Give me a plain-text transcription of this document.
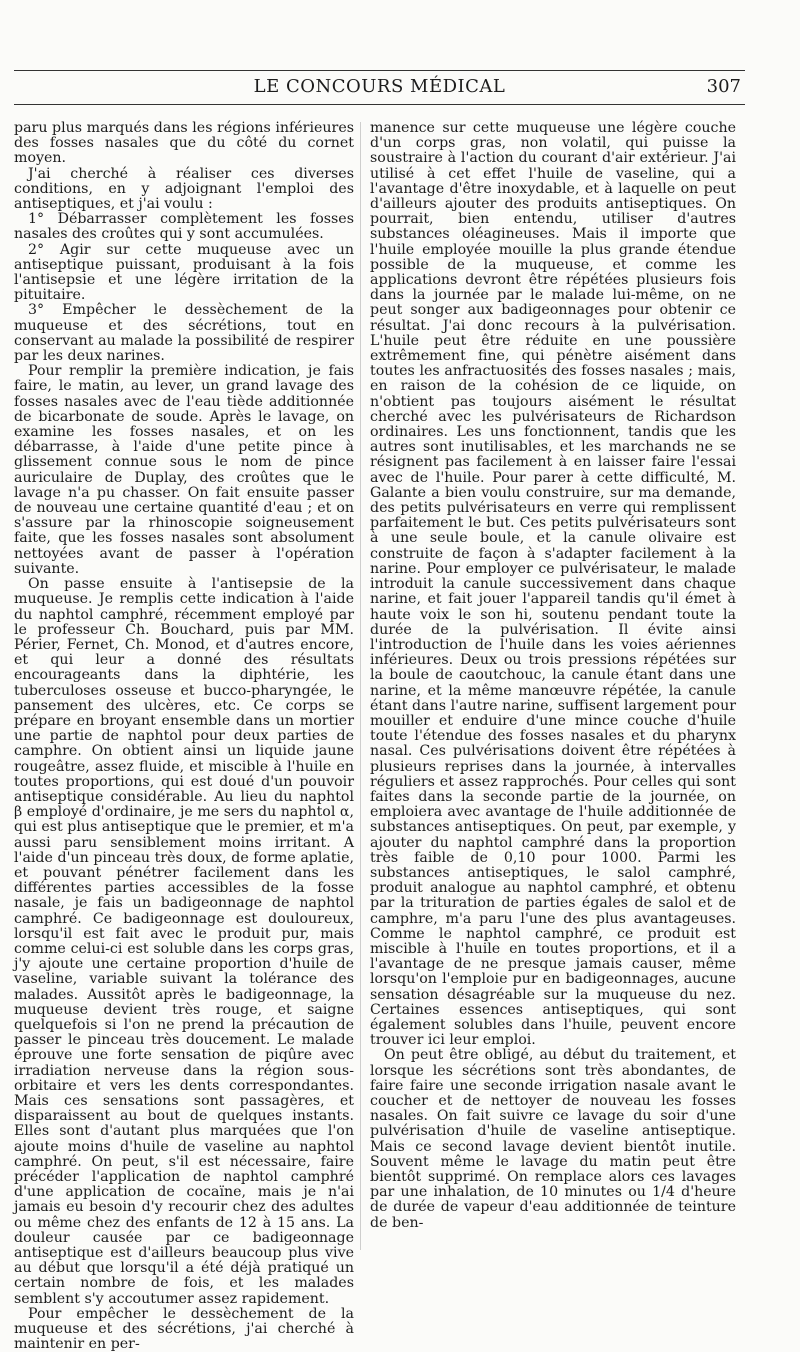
LE CONCOURS MÉDICAL	307

paru plus marqués dans les régions inférieures des fosses nasales que du côté du cornet moyen.

J'ai cherché à réaliser ces diverses conditions, en y adjoignant l'emploi des antiseptiques, et j'ai voulu :

1° Débarrasser complètement les fosses nasales des croûtes qui y sont accumulées.

2° Agir sur cette muqueuse avec un antiseptique puissant, produisant à la fois l'antisepsie et une légère irritation de la pituitaire.

3° Empêcher le dessèchement de la muqueuse et des sécrétions, tout en conservant au malade la possibilité de respirer par les deux narines.

Pour remplir la première indication, je fais faire, le matin, au lever, un grand lavage des fosses nasales avec de l'eau tiède additionnée de bicarbonate de soude. Après le lavage, on examine les fosses nasales, et on les débarrasse, à l'aide d'une petite pince à glissement connue sous le nom de pince auriculaire de Duplay, des croûtes que le lavage n'a pu chasser. On fait ensuite passer de nouveau une certaine quantité d'eau ; et on s'assure par la rhinoscopie soigneusement faite, que les fosses nasales sont absolument nettoyées avant de passer à l'opération suivante.

On passe ensuite à l'antisepsie de la muqueuse. Je remplis cette indication à l'aide du naphtol camphré, récemment employé par le professeur Ch. Bouchard, puis par MM. Périer, Fernet, Ch. Monod, et d'autres encore, et qui leur a donné des résultats encourageants dans la diphtérie, les tuberculoses osseuse et bucco-pharyngée, le pansement des ulcères, etc. Ce corps se prépare en broyant ensemble dans un mortier une partie de naphtol pour deux parties de camphre. On obtient ainsi un liquide jaune rougeâtre, assez fluide, et miscible à l'huile en toutes proportions, qui est doué d'un pouvoir antiseptique considérable. Au lieu du naphtol β employé d'ordinaire, je me sers du naphtol α, qui est plus antiseptique que le premier, et m'a aussi paru sensiblement moins irritant. A l'aide d'un pinceau très doux, de forme aplatie, et pouvant pénétrer facilement dans les différentes parties accessibles de la fosse nasale, je fais un badigeonnage de naphtol camphré. Ce badigeonnage est douloureux, lorsqu'il est fait avec le produit pur, mais comme celui-ci est soluble dans les corps gras, j'y ajoute une certaine proportion d'huile de vaseline, variable suivant la tolérance des malades. Aussitôt après le badigeonnage, la muqueuse devient très rouge, et saigne quelquefois si l'on ne prend la précaution de passer le pinceau très doucement. Le malade éprouve une forte sensation de piqûre avec irradiation nerveuse dans la région sous-orbitaire et vers les dents correspondantes. Mais ces sensations sont passagères, et disparaissent au bout de quelques instants. Elles sont d'autant plus marquées que l'on ajoute moins d'huile de vaseline au naphtol camphré. On peut, s'il est nécessaire, faire précéder l'application de naphtol camphré d'une application de cocaïne, mais je n'ai jamais eu besoin d'y recourir chez des adultes ou même chez des enfants de 12 à 15 ans. La douleur causée par ce badigeonnage antiseptique est d'ailleurs beaucoup plus vive au début que lorsqu'il a été déjà pratiqué un certain nombre de fois, et les malades semblent s'y accoutumer assez rapidement.

Pour empêcher le dessèchement de la muqueuse et des sécrétions, j'ai cherché à maintenir en per-

manence sur cette muqueuse une légère couche d'un corps gras, non volatil, qui puisse la soustraire à l'action du courant d'air extérieur. J'ai utilisé à cet effet l'huile de vaseline, qui a l'avantage d'être inoxydable, et à laquelle on peut d'ailleurs ajouter des produits antiseptiques. On pourrait, bien entendu, utiliser d'autres substances oléagineuses. Mais il importe que l'huile employée mouille la plus grande étendue possible de la muqueuse, et comme les applications devront être répétées plusieurs fois dans la journée par le malade lui-même, on ne peut songer aux badigeonnages pour obtenir ce résultat. J'ai donc recours à la pulvérisation. L'huile peut être réduite en une poussière extrêmement fine, qui pénètre aisément dans toutes les anfractuosités des fosses nasales ; mais, en raison de la cohésion de ce liquide, on n'obtient pas toujours aisément le résultat cherché avec les pulvérisateurs de Richardson ordinaires. Les uns fonctionnent, tandis que les autres sont inutilisables, et les marchands ne se résignent pas facilement à en laisser faire l'essai avec de l'huile. Pour parer à cette difficulté, M. Galante a bien voulu construire, sur ma demande, des petits pulvérisateurs en verre qui remplissent parfaitement le but. Ces petits pulvérisateurs sont à une seule boule, et la canule olivaire est construite de façon à s'adapter facilement à la narine. Pour employer ce pulvérisateur, le malade introduit la canule successivement dans chaque narine, et fait jouer l'appareil tandis qu'il émet à haute voix le son hi, soutenu pendant toute la durée de la pulvérisation. Il évite ainsi l'introduction de l'huile dans les voies aériennes inférieures. Deux ou trois pressions répétées sur la boule de caoutchouc, la canule étant dans une narine, et la même manœuvre répétée, la canule étant dans l'autre narine, suffisent largement pour mouiller et enduire d'une mince couche d'huile toute l'étendue des fosses nasales et du pharynx nasal. Ces pulvérisations doivent être répétées à plusieurs reprises dans la journée, à intervalles réguliers et assez rapprochés. Pour celles qui sont faites dans la seconde partie de la journée, on emploiera avec avantage de l'huile additionnée de substances antiseptiques. On peut, par exemple, y ajouter du naphtol camphré dans la proportion très faible de 0,10 pour 1000. Parmi les substances antiseptiques, le salol camphré, produit analogue au naphtol camphré, et obtenu par la trituration de parties égales de salol et de camphre, m'a paru l'une des plus avantageuses. Comme le naphtol camphré, ce produit est miscible à l'huile en toutes proportions, et il a l'avantage de ne presque jamais causer, même lorsqu'on l'emploie pur en badigeonnages, aucune sensation désagréable sur la muqueuse du nez. Certaines essences antiseptiques, qui sont également solubles dans l'huile, peuvent encore trouver ici leur emploi.

On peut être obligé, au début du traitement, et lorsque les sécrétions sont très abondantes, de faire faire une seconde irrigation nasale avant le coucher et de nettoyer de nouveau les fosses nasales. On fait suivre ce lavage du soir d'une pulvérisation d'huile de vaseline antiseptique. Mais ce second lavage devient bientôt inutile. Souvent même le lavage du matin peut être bientôt supprimé. On remplace alors ces lavages par une inhalation, de 10 minutes ou 1/4 d'heure de durée de vapeur d'eau additionnée de teinture de ben-
